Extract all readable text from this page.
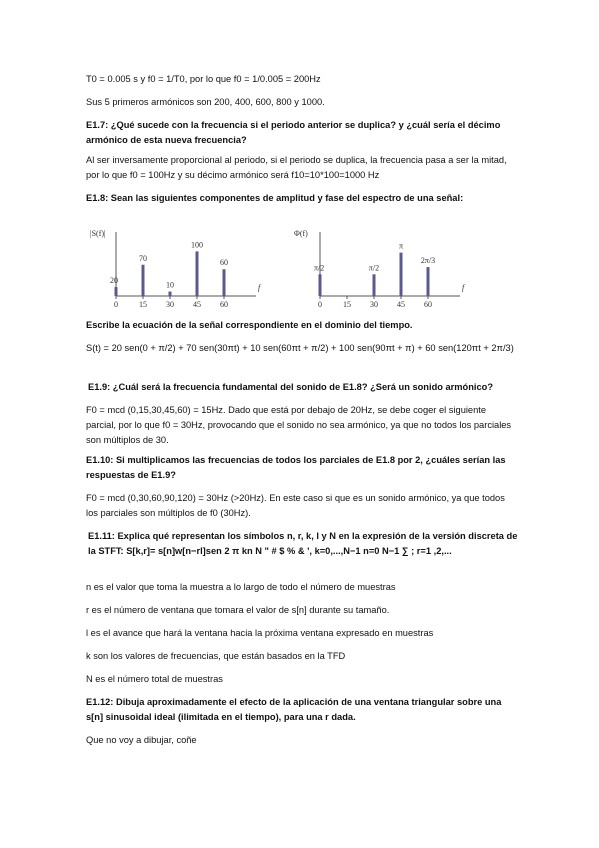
T0 = 0.005 s y f0 = 1/T0, por lo que f0 = 1/0.005 = 200Hz

Sus 5 primeros armónicos son 200, 400, 600, 800 y 1000.

E1.7: ¿Qué sucede con la frecuencia si el periodo anterior se duplica? y ¿cuál sería el décimo armónico de esta nueva frecuencia?

Al ser inversamente proporcional al periodo, si el periodo se duplica, la frecuencia pasa a ser la mitad, por lo que f0 = 100Hz y su décimo armónico será f10=10*100=1000 Hz

E1.8: Sean las siguientes componentes de amplitud y fase del espectro de una señal:

|S(f)|
f
0
20
15
70
30
10
45
100
60
60
Φ(f)
f
0
π/2
15 30
π/2
45
π
60
2π/3

Escribe la ecuación de la señal correspondiente en el dominio del tiempo.

S(t) = 20 sen(0 + π/2) + 70 sen(30πt) + 10 sen(60πt + π/2) + 100 sen(90πt + π) + 60 sen(120πt + 2π/3)

E1.9: ¿Cuál será la frecuencia fundamental del sonido de E1.8? ¿Será un sonido armónico?

F0 = mcd (0,15,30,45,60) = 15Hz. Dado que está por debajo de 20Hz, se debe coger el siguiente parcial, por lo que f0 = 30Hz, provocando que el sonido no sea armónico, ya que no todos los parciales son múltiplos de 30.

E1.10: Si multiplicamos las frecuencias de todos los parciales de E1.8 por 2, ¿cuáles serían las respuestas de E1.9?

F0 = mcd (0,30,60,90,120) = 30Hz (>20Hz). En este caso si que es un sonido armónico, ya que todos los parciales son múltiplos de f0 (30Hz).

E1.11: Explica qué representan los símbolos n, r, k, l y N en la expresión de la versión discreta de la STFT: S[k,r]= s[n]w[n−rl]sen 2 π kn N " # $ % & ', k=0,...,N−1 n=0 N−1 ∑ ; r=1 ,2,...

n es el valor que toma la muestra a lo largo de todo el número de muestras

r es el número de ventana que tomara el valor de s[n] durante su tamaño.

l es el avance que hará la ventana hacia la próxima ventana expresado en muestras

k son los valores de frecuencias, que están basados en la TFD

N es el número total de muestras

E1.12: Dibuja aproximadamente el efecto de la aplicación de una ventana triangular sobre una s[n] sinusoidal ideal (ilimitada en el tiempo), para una r dada.

Que no voy a dibujar, coñe
